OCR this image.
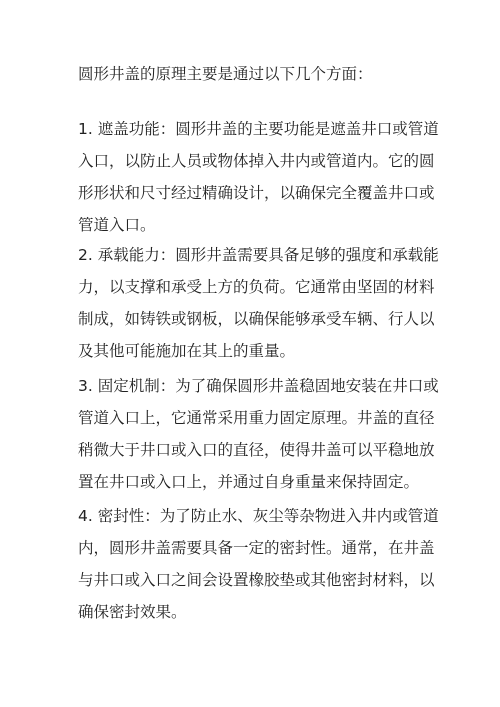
圆形井盖的原理主要是通过以下几个方面：

1. 遮盖功能：圆形井盖的主要功能是遮盖井口或管道
入口，以防止人员或物体掉入井内或管道内。它的圆
形形状和尺寸经过精确设计，以确保完全覆盖井口或
管道入口。

2. 承载能力：圆形井盖需要具备足够的强度和承载能
力，以支撑和承受上方的负荷。它通常由坚固的材料
制成，如铸铁或钢板，以确保能够承受车辆、行人以
及其他可能施加在其上的重量。

3. 固定机制：为了确保圆形井盖稳固地安装在井口或
管道入口上，它通常采用重力固定原理。井盖的直径
稍微大于井口或入口的直径，使得井盖可以平稳地放
置在井口或入口上，并通过自身重量来保持固定。

4. 密封性：为了防止水、灰尘等杂物进入井内或管道
内，圆形井盖需要具备一定的密封性。通常，在井盖
与井口或入口之间会设置橡胶垫或其他密封材料，以
确保密封效果。
